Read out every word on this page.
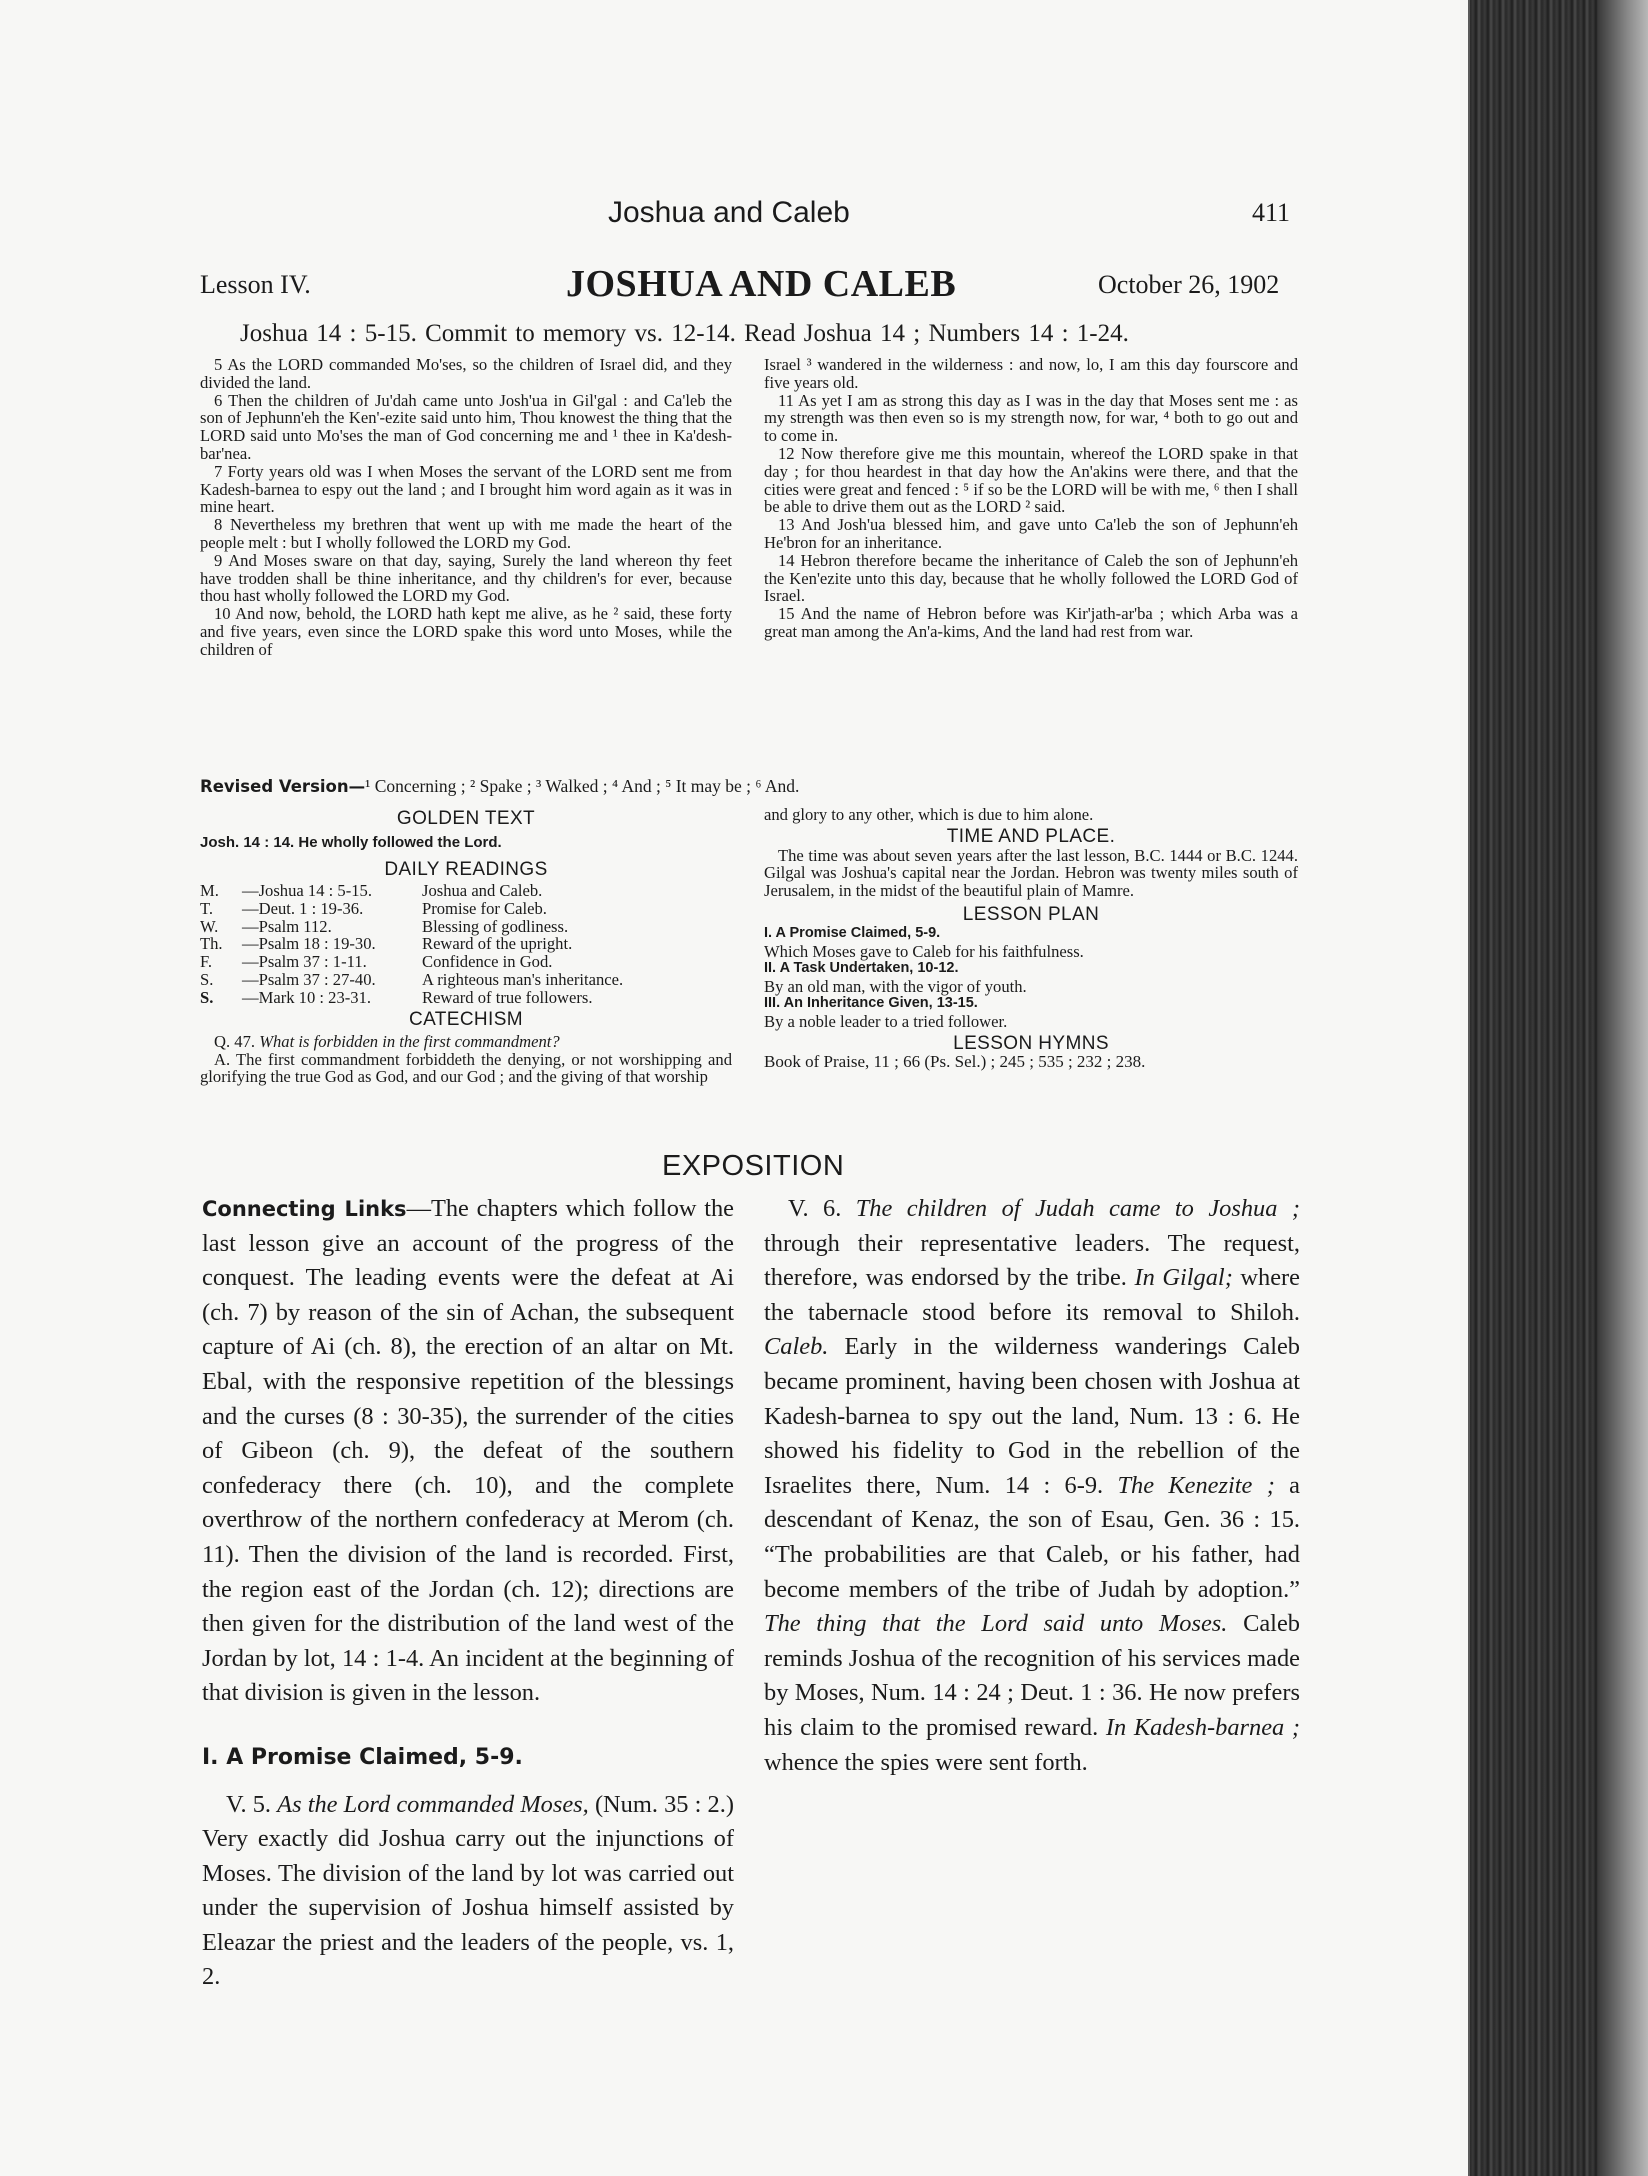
Joshua and Caleb	411
Lesson IV.	JOSHUA AND CALEB	October 26, 1902
Joshua 14 : 5-15. Commit to memory vs. 12-14. Read Joshua 14 ; Numbers 14 : 1-24.

5 As the LORD commanded Mo'ses, so the children of Israel did, and they divided the land.

6 Then the children of Ju'dah came unto Josh'ua in Gil'gal : and Ca'leb the son of Jephunn'eh the Ken'-ezite said unto him, Thou knowest the thing that the LORD said unto Mo'ses the man of God concerning me and ¹ thee in Ka'desh-bar'nea.

7 Forty years old was I when Moses the servant of the LORD sent me from Kadesh-barnea to espy out the land ; and I brought him word again as it was in mine heart.

8 Nevertheless my brethren that went up with me made the heart of the people melt : but I wholly followed the LORD my God.

9 And Moses sware on that day, saying, Surely the land whereon thy feet have trodden shall be thine inheritance, and thy children's for ever, because thou hast wholly followed the LORD my God.

10 And now, behold, the LORD hath kept me alive, as he ² said, these forty and five years, even since the LORD spake this word unto Moses, while the children of

Israel ³ wandered in the wilderness : and now, lo, I am this day fourscore and five years old.

11 As yet I am as strong this day as I was in the day that Moses sent me : as my strength was then even so is my strength now, for war, ⁴ both to go out and to come in.

12 Now therefore give me this mountain, whereof the LORD spake in that day ; for thou heardest in that day how the An'akins were there, and that the cities were great and fenced : ⁵ if so be the LORD will be with me, ⁶ then I shall be able to drive them out as the LORD ² said.

13 And Josh'ua blessed him, and gave unto Ca'leb the son of Jephunn'eh He'bron for an inheritance.

14 Hebron therefore became the inheritance of Caleb the son of Jephunn'eh the Ken'ezite unto this day, because that he wholly followed the LORD God of Israel.

15 And the name of Hebron before was Kir'jath-ar'ba ; which Arba was a great man among the An'a-kims, And the land had rest from war.

Revised Version—¹ Concerning ; ² Spake ; ³ Walked ; ⁴ And ; ⁵ It may be ; ⁶ And.
GOLDEN TEXT
Josh. 14 : 14. He wholly followed the Lord.
DAILY READINGS
M.	—Joshua 14 : 5-15.	Joshua and Caleb.
T.	—Deut. 1 : 19-36.	Promise for Caleb.
W.	—Psalm 112.	Blessing of godliness.
Th.	—Psalm 18 : 19-30.	Reward of the upright.
F.	—Psalm 37 : 1-11.	Confidence in God.
S.	—Psalm 37 : 27-40.	A righteous man's inheritance.
S.	—Mark 10 : 23-31.	Reward of true followers.
CATECHISM

Q. 47. What is forbidden in the first commandment?

A. The first commandment forbiddeth the denying, or not worshipping and glorifying the true God as God, and our God ; and the giving of that worship

and glory to any other, which is due to him alone.

TIME AND PLACE.

The time was about seven years after the last lesson, B.C. 1444 or B.C. 1244. Gilgal was Joshua's capital near the Jordan. Hebron was twenty miles south of Jerusalem, in the midst of the beautiful plain of Mamre.

LESSON PLAN

I. A Promise Claimed, 5-9.

Which Moses gave to Caleb for his faithfulness.

II. A Task Undertaken, 10-12.

By an old man, with the vigor of youth.

III. An Inheritance Given, 13-15.

By a noble leader to a tried follower.

LESSON HYMNS

Book of Praise, 11 ; 66 (Ps. Sel.) ; 245 ; 535 ; 232 ; 238.

EXPOSITION

Connecting Links—The chapters which follow the last lesson give an account of the progress of the conquest. The leading events were the defeat at Ai (ch. 7) by reason of the sin of Achan, the subsequent capture of Ai (ch. 8), the erection of an altar on Mt. Ebal, with the responsive repetition of the blessings and the curses (8 : 30-35), the surrender of the cities of Gibeon (ch. 9), the defeat of the southern confederacy there (ch. 10), and the complete overthrow of the northern confederacy at Merom (ch. 11). Then the division of the land is recorded. First, the region east of the Jordan (ch. 12); directions are then given for the distribution of the land west of the Jordan by lot, 14 : 1-4. An incident at the beginning of that division is given in the lesson.

I. A Promise Claimed, 5-9.

V. 5. As the Lord commanded Moses, (Num. 35 : 2.) Very exactly did Joshua carry out the injunctions of Moses. The division of the land by lot was carried out under the supervision of Joshua himself assisted by Eleazar the priest and the leaders of the people, vs. 1, 2.

V. 6. The children of Judah came to Joshua ; through their representative leaders. The request, therefore, was endorsed by the tribe. In Gilgal; where the tabernacle stood before its removal to Shiloh. Caleb. Early in the wilderness wanderings Caleb became prominent, having been chosen with Joshua at Kadesh-barnea to spy out the land, Num. 13 : 6. He showed his fidelity to God in the rebellion of the Israelites there, Num. 14 : 6-9. The Kenezite ; a descendant of Kenaz, the son of Esau, Gen. 36 : 15. “The probabilities are that Caleb, or his father, had become members of the tribe of Judah by adoption.” The thing that the Lord said unto Moses. Caleb reminds Joshua of the recognition of his services made by Moses, Num. 14 : 24 ; Deut. 1 : 36. He now prefers his claim to the promised reward. In Kadesh-barnea ; whence the spies were sent forth.
